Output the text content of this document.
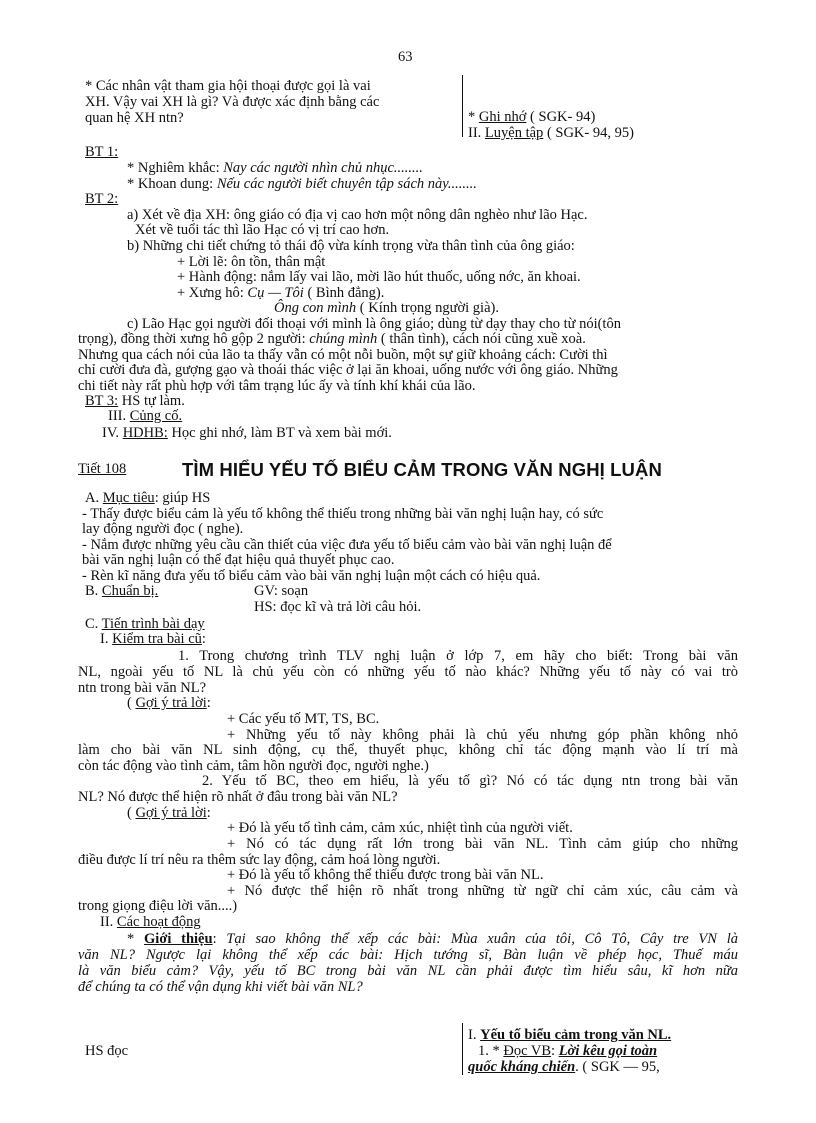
63
* Các nhân vật tham gia hội thoại được gọi là vai
XH. Vậy vai XH là gì? Và được xác định bằng các
quan hệ XH ntn?	* Ghi nhớ ( SGK- 94)
II. Luyện tập ( SGK- 94, 95)
BT 1:
* Nghiêm khắc: Nay các người nhìn chủ nhục........
* Khoan dung: Nếu các người biết chuyên tập sách này........
BT 2:
a) Xét về địa XH: ông giáo có địa vị cao hơn một nông dân nghèo như lão Hạc.
Xét về tuổi tác thì lão Hạc có vị trí cao hơn.
b) Những chi tiết chứng tỏ thái độ vừa kính trọng vừa thân tình của ông giáo:
+ Lời lẽ: ôn tồn, thân mật
+ Hành động: nắm lấy vai lão, mời lão hút thuốc, uống nớc, ăn khoai.
+ Xưng hô: Cụ — Tôi ( Bình đẳng).
Ông con mình ( Kính trọng người già).
c) Lão Hạc gọi người đối thoại với mình là ông giáo; dùng từ dạy thay cho từ nói(tôn
trọng), đồng thời xưng hô gộp 2 người: chúng mình ( thân tình), cách nói cũng xuề xoà.
Nhưng qua cách nói của lão ta thấy vẫn có một nỗi buồn, một sự giữ khoảng cách: Cười thì
chỉ cười đưa đà, gượng gạo và thoái thác việc ở lại ăn khoai, uống nước với ông giáo. Những
chi tiết này rất phù hợp với tâm trạng lúc ấy và tính khí khái của lão.
BT 3: HS tự làm.
III. Củng cố.
IV. HDHB: Học ghi nhớ, làm BT và xem bài mới.
Tiết 108	TÌM HIỂU YẾU TỐ BIỂU CẢM TRONG VĂN NGHỊ LUẬN
A. Mục tiêu: giúp HS
- Thấy được biểu cảm là yếu tố không thể thiếu trong những bài văn nghị luận hay, có sức
lay động người đọc ( nghe).
- Nắm được những yêu cầu cần thiết của việc đưa yếu tố biểu cảm vào bài văn nghị luận để
bài văn nghị luận có thể đạt hiệu quả thuyết phục cao.
- Rèn kĩ năng đưa yếu tố biểu cảm vào bài văn nghị luận một cách có hiệu quả.
B. Chuẩn bị.	GV: soạn
HS: đọc kĩ và trả lời câu hỏi.
C. Tiến trình bài dạy
I. Kiểm tra bài cũ:
1. Trong chương trình TLV nghị luận ở lớp 7, em hãy cho biết: Trong bài văn
NL, ngoài yếu tố NL là chủ yếu còn có những yếu tố nào khác? Những yếu tố này có vai trò
ntn trong bài văn NL?
( Gợi ý trả lời:
+ Các yếu tố MT, TS, BC.
+ Những yếu tố này không phải là chủ yếu nhưng góp phần không nhỏ
làm cho bài văn NL sinh động, cụ thể, thuyết phục, không chỉ tác động mạnh vào lí trí mà
còn tác động vào tình cảm, tâm hồn người đọc, người nghe.)
2. Yếu tố BC, theo em hiểu, là yếu tố gì? Nó có tác dụng ntn trong bài văn
NL? Nó được thể hiện rõ nhất ở đâu trong bài văn NL?
( Gợi ý trả lời:
+ Đó là yếu tố tình cảm, cảm xúc, nhiệt tình của người viết.
+ Nó có tác dụng rất lớn trong bài văn NL. Tình cảm giúp cho những
điều được lí trí nêu ra thêm sức lay động, cảm hoá lòng người.
+ Đó là yếu tố không thể thiếu được trong bài văn NL.
+ Nó được thể hiện rõ nhất trong những từ ngữ chỉ cảm xúc, câu cảm và
trong giọng điệu lời văn....)
II. Các hoạt động
* Giới thiệu: Tại sao không thể xếp các bài: Mùa xuân của tôi, Cô Tô, Cây tre VN là
văn NL? Ngược lại không thể xếp các bài: Hịch tướng sĩ, Bàn luận về phép học, Thuế máu
là văn biểu cảm? Vậy, yếu tố BC trong bài văn NL cần phải được tìm hiểu sâu, kĩ hơn nữa
để chúng ta có thể vận dụng khi viết bài văn NL?
HS đọc
I. Yếu tố biểu cảm trong văn NL.
1. * Đọc VB: Lời kêu gọi toàn
quốc kháng chiến. ( SGK — 95,
